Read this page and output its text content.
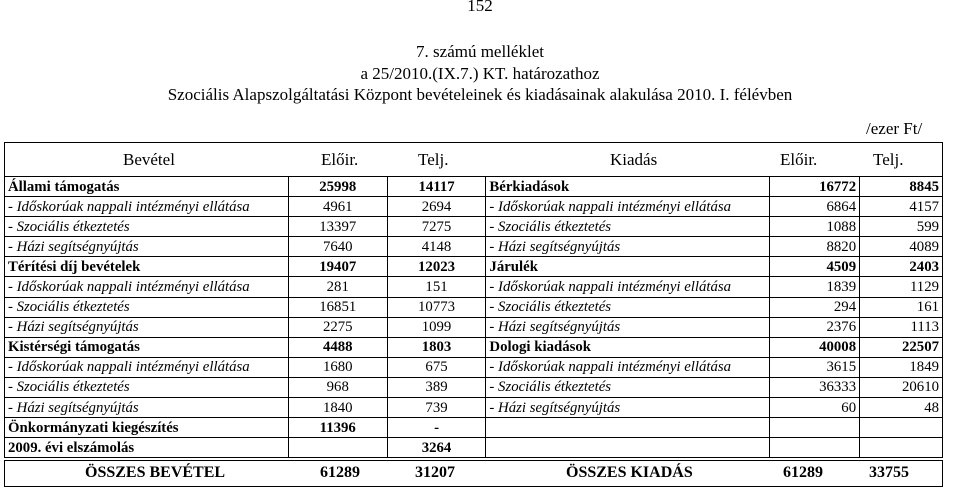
152
7. számú melléklet
a 25/2010.(IX.7.) KT. határozathoz
Szociális Alapszolgáltatási Központ bevételeinek és kiadásainak alakulása 2010. I. félévben
/ezer Ft/
Bevétel	Előir.	Telj.	Kiadás	Előir.	Telj.
Állami támogatás	25998	14117	Bérkiadások	16772	8845
- Időskorúak nappali intézményi ellátása	4961	2694	- Időskorúak nappali intézményi ellátása	6864	4157
- Szociális étkeztetés	13397	7275	- Szociális étkeztetés	1088	599
- Házi segítségnyújtás	7640	4148	- Házi segítségnyújtás	8820	4089
Térítési díj bevételek	19407	12023	Járulék	4509	2403
- Időskorúak nappali intézményi ellátása	281	151	- Időskorúak nappali intézményi ellátása	1839	1129
- Szociális étkeztetés	16851	10773	- Szociális étkeztetés	294	161
- Házi segítségnyújtás	2275	1099	- Házi segítségnyújtás	2376	1113
Kistérségi támogatás	4488	1803	Dologi kiadások	40008	22507
- Időskorúak nappali intézményi ellátása	1680	675	- Időskorúak nappali intézményi ellátása	3615	1849
- Szociális étkeztetés	968	389	- Szociális étkeztetés	36333	20610
- Házi segítségnyújtás	1840	739	- Házi segítségnyújtás	60	48
Önkormányzati kiegészítés	11396	-			
2009. évi elszámolás		3264			
ÖSSZES BEVÉTEL	61289	31207	ÖSSZES KIADÁS	61289	33755
